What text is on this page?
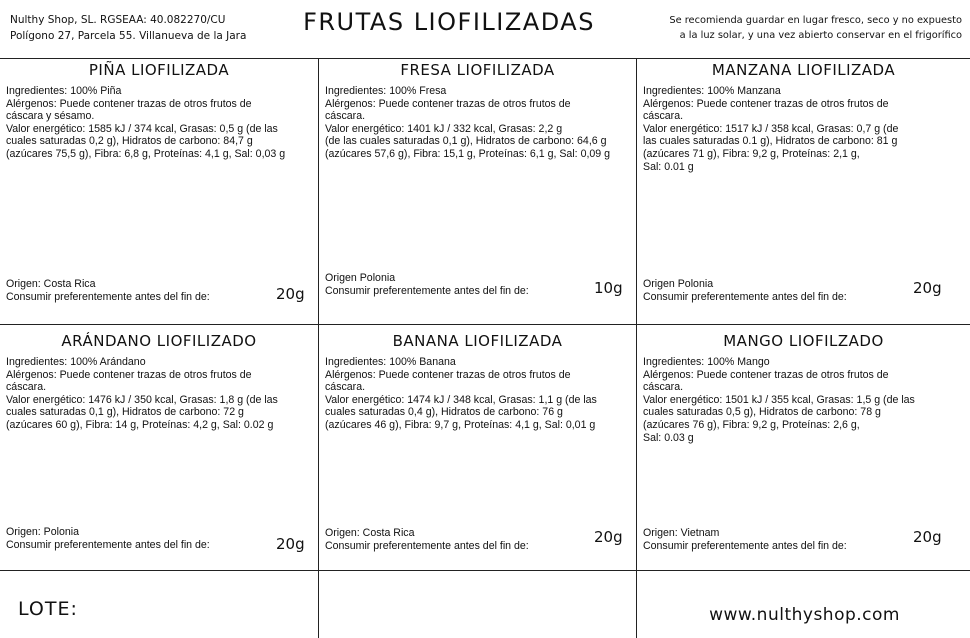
Nulthy Shop, SL. RGSEAA: 40.082270/CU
Polígono 27, Parcela 55. Villanueva de la Jara	FRUTAS LIOFILIZADAS	Se recomienda guardar en lugar fresco, seco y no expuesto
a la luz solar, y una vez abierto conservar en el frigorífico
PIÑA LIOFILIZADA

Ingredientes: 100% Piña

Alérgenos: Puede contener trazas de otros frutos de

cáscara y sésamo.

Valor energético: 1585 kJ / 374 kcal, Grasas: 0,5 g (de las

cuales saturadas 0,2 g), Hidratos de carbono: 84,7 g

(azúcares 75,5 g), Fibra: 6,8 g, Proteínas: 4,1 g, Sal: 0,03 g

Origen: Costa Rica
Consumir preferentemente antes del fin de:	20g
FRESA LIOFILIZADA

Ingredientes: 100% Fresa

Alérgenos: Puede contener trazas de otros frutos de

cáscara.

Valor energético: 1401 kJ / 332 kcal, Grasas: 2,2 g

(de las cuales saturadas 0,1 g), Hidratos de carbono: 64,6 g

(azúcares 57,6 g), Fibra: 15,1 g, Proteínas: 6,1 g, Sal: 0,09 g

Origen Polonia
Consumir preferentemente antes del fin de:	10g
MANZANA LIOFILIZADA

Ingredientes: 100% Manzana

Alérgenos: Puede contener trazas de otros frutos de

cáscara.

Valor energético: 1517 kJ / 358 kcal, Grasas: 0,7 g (de

las cuales saturadas 0.1 g), Hidratos de carbono: 81 g

(azúcares 71 g), Fibra: 9,2 g, Proteínas: 2,1 g,

Sal: 0.01 g

Origen Polonia
Consumir preferentemente antes del fin de:	20g
ARÁNDANO LIOFILIZADO

Ingredientes: 100% Arándano

Alérgenos: Puede contener trazas de otros frutos de

cáscara.

Valor energético: 1476 kJ / 350 kcal, Grasas: 1,8 g (de las

cuales saturadas 0,1 g), Hidratos de carbono: 72 g

(azúcares 60 g), Fibra: 14 g, Proteínas: 4,2 g, Sal: 0.02 g

Origen: Polonia
Consumir preferentemente antes del fin de:	20g
BANANA LIOFILIZADA

Ingredientes: 100% Banana

Alérgenos: Puede contener trazas de otros frutos de

cáscara.

Valor energético: 1474 kJ / 348 kcal, Grasas: 1,1 g (de las

cuales saturadas 0,4 g), Hidratos de carbono: 76 g

(azúcares 46 g), Fibra: 9,7 g, Proteínas: 4,1 g, Sal: 0,01 g

Origen: Costa Rica
Consumir preferentemente antes del fin de:	20g
MANGO LIOFILZADO

Ingredientes: 100% Mango

Alérgenos: Puede contener trazas de otros frutos de

cáscara.

Valor energético: 1501 kJ / 355 kcal, Grasas: 1,5 g (de las

cuales saturadas 0,5 g), Hidratos de carbono: 78 g

(azúcares 76 g), Fibra: 9,2 g, Proteínas: 2,6 g,

Sal: 0.03 g

Origen: Vietnam
Consumir preferentemente antes del fin de:	20g
LOTE:	www.nulthyshop.com
